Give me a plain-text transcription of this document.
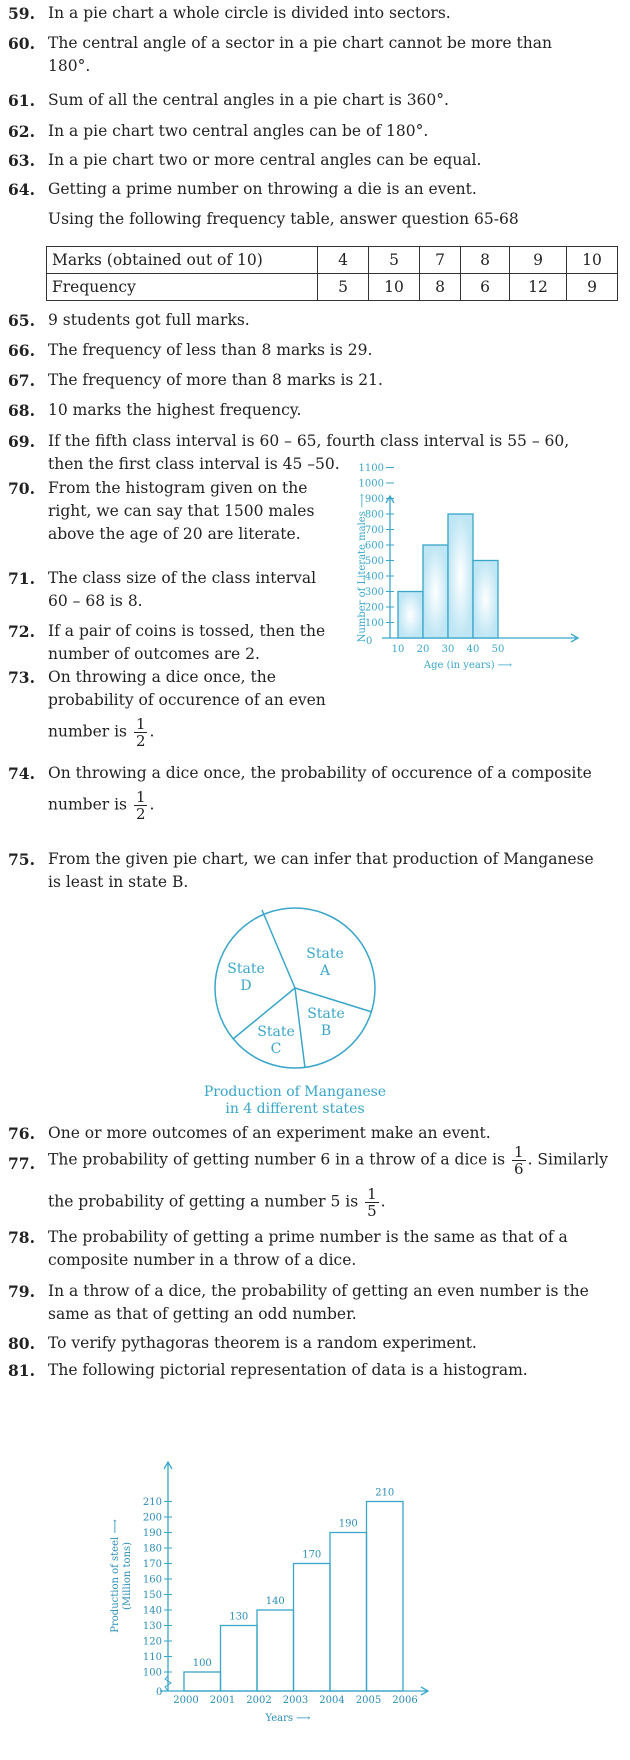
59. In a pie chart a whole circle is divided into sectors.
60. The central angle of a sector in a pie chart cannot be more than
180°.
61. Sum of all the central angles in a pie chart is 360°.
62. In a pie chart two central angles can be of 180°.
63. In a pie chart two or more central angles can be equal.
64. Getting a prime number on throwing a die is an event.
Using the following frequency table, answer question 65-68
65. 9 students got full marks.
66. The frequency of less than 8 marks is 29.
67. The frequency of more than 8 marks is 21.
68. 10 marks the highest frequency.
69. If the fifth class interval is 60 – 65, fourth class interval is 55 – 60,
then the first class interval is 45 –50.
70. From the histogram given on the
right, we can say that 1500 males
above the age of 20 are literate.
71. The class size of the class interval
60 – 68 is 8.
72. If a pair of coins is tossed, then the
number of outcomes are 2.
73. On throwing a dice once, the
probability of occurence of an even
number is $\frac{1}{2}$ .
74. On throwing a dice once, the probability of occurence of a composite
number is $\frac{1}{2}$ .
75. From the given pie chart, we can infer that production of Manganese
is least in state B.
76. One or more outcomes of an experiment make an event.
77. The probability of getting number 6 in a throw of a dice is $\frac{1}{6}$ . Similarly
the probability of getting a number 5 is $\frac{1}{5}$ .
78. The probability of getting a prime number is the same as that of a
composite number in a throw of a dice.
79. In a throw of a dice, the probability of getting an even number is the
same as that of getting an odd number.
80. To verify pythagoras theorem is a random experiment.
81. The following pictorial representation of data is a histogram.
Marks (obtained out of 10)	4	5	7	8	9	10
Frequency	5	10	8	6	12	9
0
100
200
300
400
500
600
700
800
900
1000
1100
10 20 30 40 50
Age (in years) ⟶
Number of Literate males ⟶
State
A
State
B
State
C
State
D
Production of Manganese
in 4 different states
0
100
110
120
130
140
150
160
170
180
190
200
210
2000 2001 2002 2003 2004 2005 2006
100
130
140
170
190
210
Years ⟶
Production of steel ⟶ (Million tons)
